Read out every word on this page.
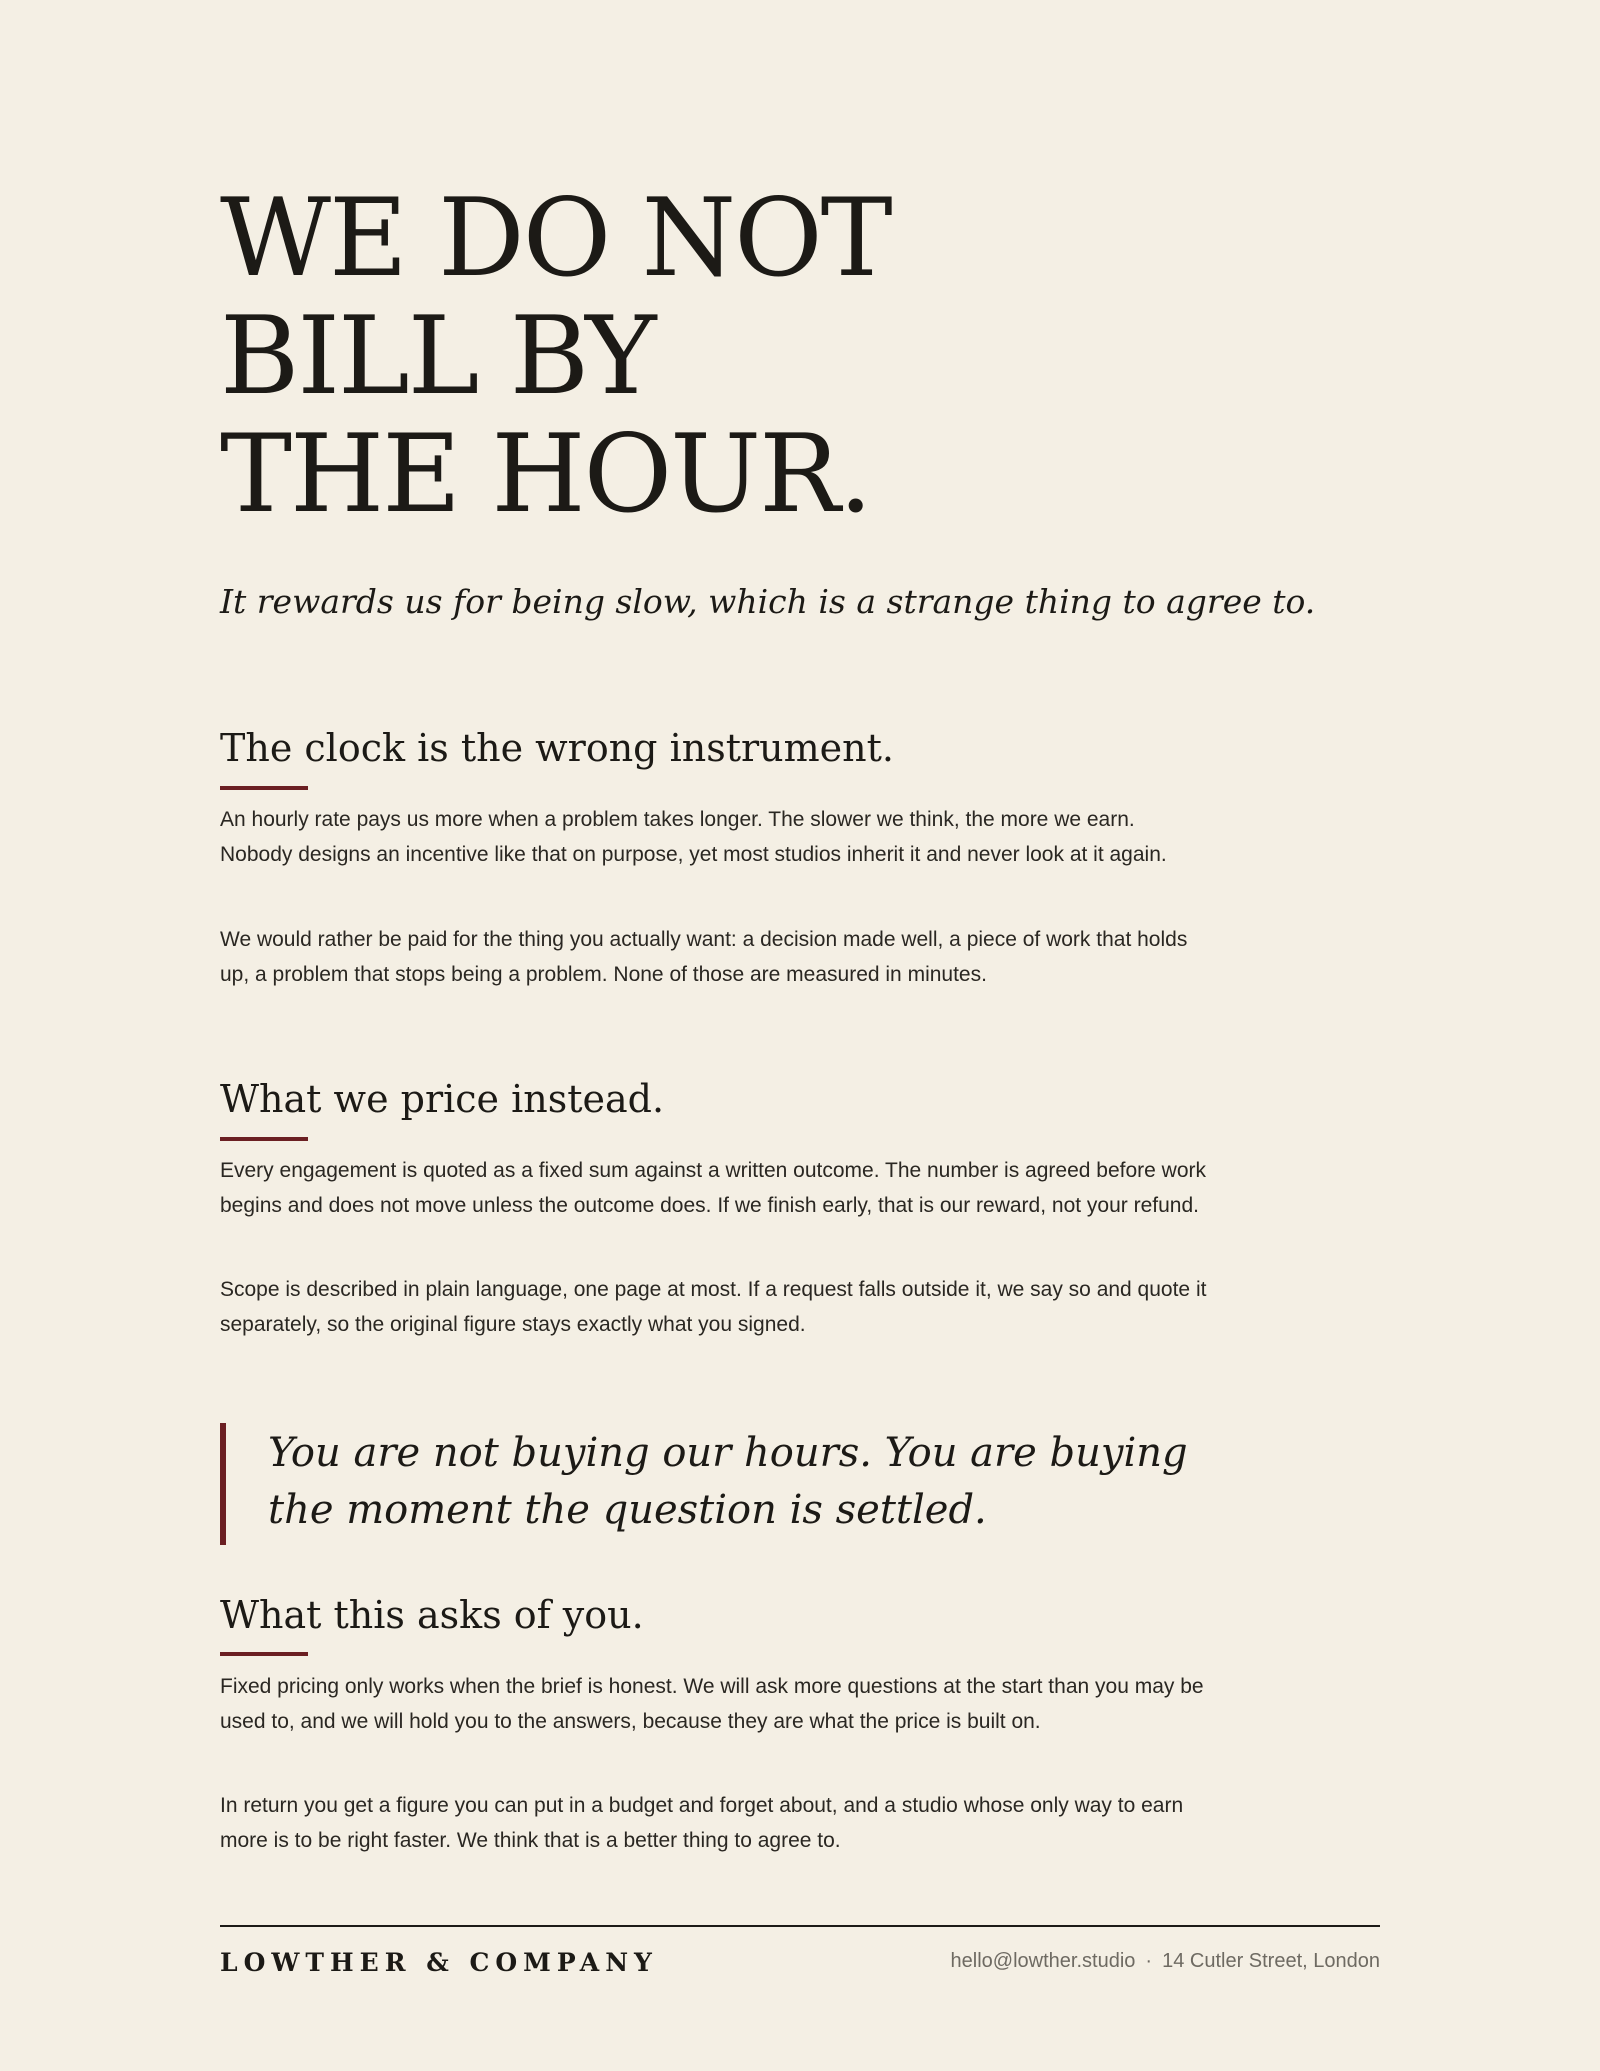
WE DO NOT
BILL BY
THE HOUR.

It rewards us for being slow, which is a strange thing to agree to.

The clock is the wrong instrument.

An hourly rate pays us more when a problem takes longer. The slower we think, the more we earn. Nobody designs an incentive like that on purpose, yet most studios inherit it and never look at it again.

We would rather be paid for the thing you actually want: a decision made well, a piece of work that holds up, a problem that stops being a problem. None of those are measured in minutes.

What we price instead.

Every engagement is quoted as a fixed sum against a written outcome. The number is agreed before work begins and does not move unless the outcome does. If we finish early, that is our reward, not your refund.

Scope is described in plain language, one page at most. If a request falls outside it, we say so and quote it separately, so the original figure stays exactly what you signed.

You are not buying our hours. You are buying the moment the question is settled.

What this asks of you.

Fixed pricing only works when the brief is honest. We will ask more questions at the start than you may be used to, and we will hold you to the answers, because they are what the price is built on.

In return you get a figure you can put in a budget and forget about, and a studio whose only way to earn more is to be right faster. We think that is a better thing to agree to.

LOWTHER & COMPANY	hello@lowther.studio · 14 Cutler Street, London
